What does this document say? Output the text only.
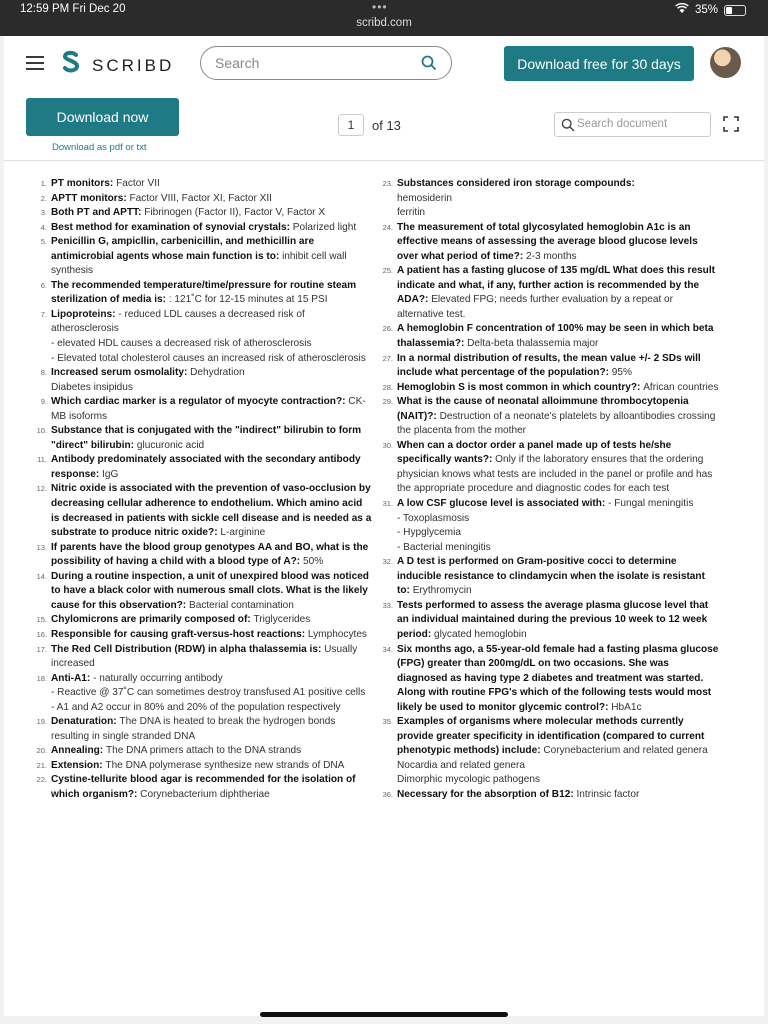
12:59 PM Fri Dec 20	•••
scribd.com
35%
SCRIBD
Search	Download free for 30 days
Download now
Download as pdf or txt
1	of 13
Search document
1. PT monitors: Factor VII
2. APTT monitors: Factor VIII, Factor XI, Factor XII
3. Both PT and APTT: Fibrinogen (Factor II), Factor V, Factor X
4. Best method for examination of synovial crystals: Polarized light
5. Penicillin G, ampicllin, carbenicillin, and methicillin are antimicrobial agents whose main function is to: inhibit cell wall synthesis
6. The recommended temperature/time/pressure for routine steam sterilization of media is: : 121˚C for 12-15 minutes at 15 PSI
7. Lipoproteins: - reduced LDL causes a decreased risk of atherosclerosis
- elevated HDL causes a decreased risk of atherosclerosis
- Elevated total cholesterol causes an increased risk of atherosclerosis
8. Increased serum osmolality: Dehydration
Diabetes insipidus
9. Which cardiac marker is a regulator of myocyte contraction?: CK-MB isoforms
10. Substance that is conjugated with the "indirect" bilirubin to form "direct" bilirubin: glucuronic acid
11. Antibody predominately associated with the secondary antibody response: IgG
12. Nitric oxide is associated with the prevention of vaso-occlusion by decreasing cellular adherence to endothelium. Which amino acid is decreased in patients with sickle cell disease and is needed as a substrate to produce nitric oxide?: L-arginine
13. If parents have the blood group genotypes AA and BO, what is the possibility of having a child with a blood type of A?: 50%
14. During a routine inspection, a unit of unexpired blood was noticed to have a black color with numerous small clots. What is the likely cause for this observation?: Bacterial contamination
15. Chylomicrons are primarily composed of: Triglycerides
16. Responsible for causing graft-versus-host reactions: Lymphocytes
17. The Red Cell Distribution (RDW) in alpha thalassemia is: Usually increased
18. Anti-A1: - naturally occurring antibody
- Reactive @ 37˚C can sometimes destroy transfused A1 positive cells
- A1 and A2 occur in 80% and 20% of the population respectively
19. Denaturation: The DNA is heated to break the hydrogen bonds resulting in single stranded DNA
20. Annealing: The DNA primers attach to the DNA strands
21. Extension: The DNA polymerase synthesize new strands of DNA
22. Cystine-tellurite blood agar is recommended for the isolation of which organism?: Corynebacterium diphtheriae
23. Substances considered iron storage compounds:
hemosiderin
ferritin
24. The measurement of total glycosylated hemoglobin A1c is an effective means of assessing the average blood glucose levels over what period of time?: 2-3 months
25. A patient has a fasting glucose of 135 mg/dL What does this result indicate and what, if any, further action is recommended by the ADA?: Elevated FPG; needs further evaluation by a repeat or alternative test.
26. A hemoglobin F concentration of 100% may be seen in which beta thalassemia?: Delta-beta thalassemia major
27. In a normal distribution of results, the mean value +/- 2 SDs will include what percentage of the population?: 95%
28. Hemoglobin S is most common in which country?: African countries
29. What is the cause of neonatal alloimmune thrombocytopenia (NAIT)?: Destruction of a neonate's platelets by alloantibodies crossing the placenta from the mother
30. When can a doctor order a panel made up of tests he/she specifically wants?: Only if the laboratory ensures that the ordering physician knows what tests are included in the panel or profile and has the appropriate procedure and diagnostic codes for each test
31. A low CSF glucose level is associated with: - Fungal meningitis
- Toxoplasmosis
- Hypglycemia
- Bacterial meningitis
32. A D test is performed on Gram-positive cocci to determine inducible resistance to clindamycin when the isolate is resistant to: Erythromycin
33. Tests performed to assess the average plasma glucose level that an individual maintained during the previous 10 week to 12 week period: glycated hemoglobin
34. Six months ago, a 55-year-old female had a fasting plasma glucose (FPG) greater than 200mg/dL on two occasions. She was diagnosed as having type 2 diabetes and treatment was started. Along with routine FPG's which of the following tests would most likely be used to monitor glycemic control?: HbA1c
35. Examples of organisms where molecular methods currently provide greater specificity in identification (compared to current phenotypic methods) include: Corynebacterium and related genera
Nocardia and related genera
Dimorphic mycologic pathogens
36. Necessary for the absorption of B12: Intrinsic factor
